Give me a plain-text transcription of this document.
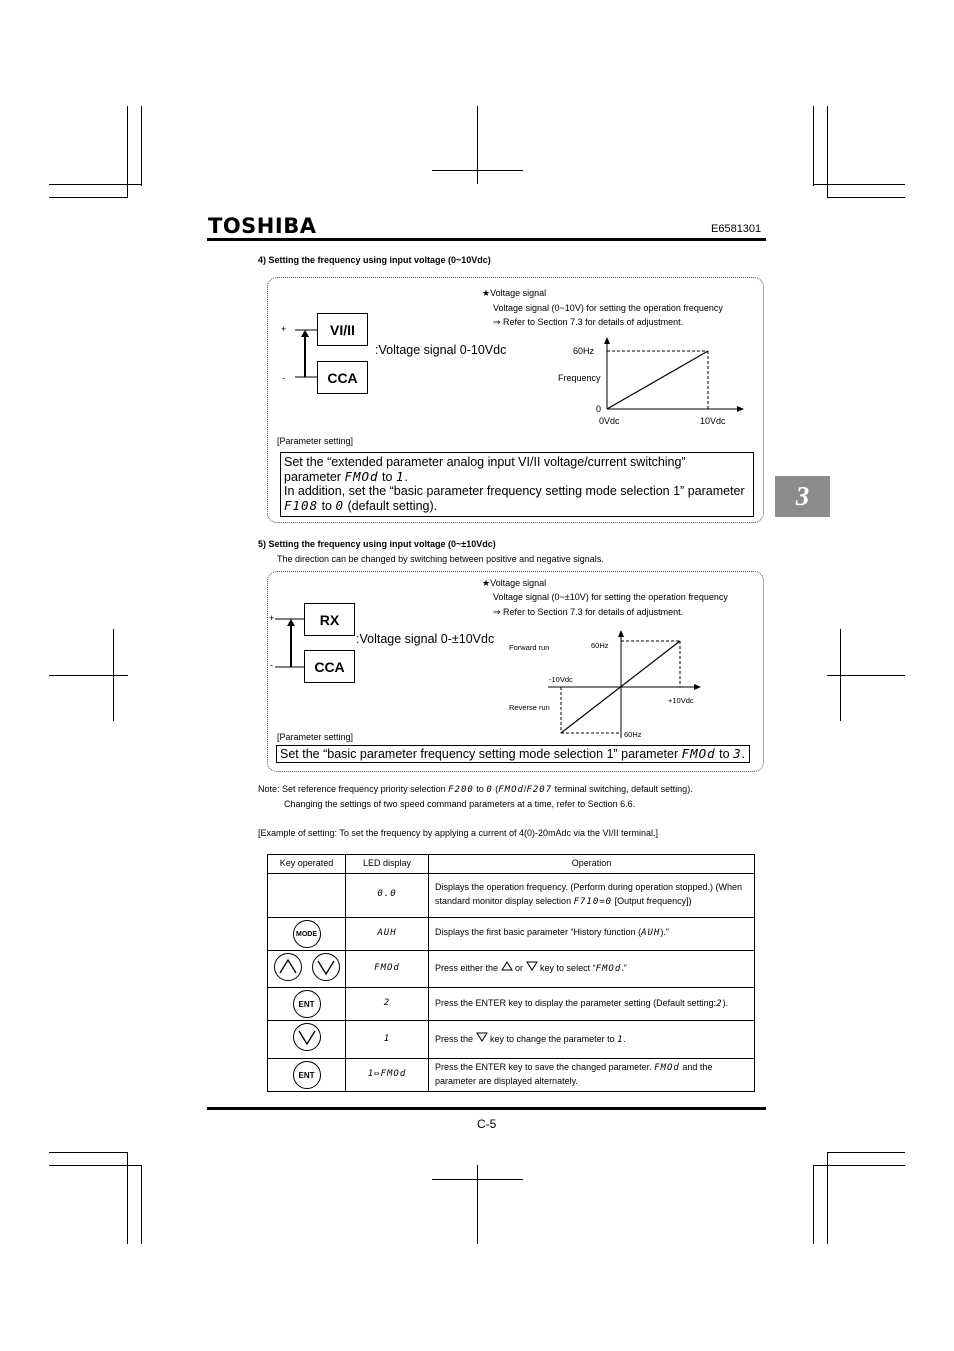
TOSHIBA	E6581301
3
4) Setting the frequency using input voltage (0~10Vdc)
★Voltage signal
Voltage signal (0~10V) for setting the operation frequency
⇒ Refer to Section 7.3 for details of adjustment.
+
-
VI/II
CCA
:Voltage signal 0-10Vdc	60Hz
Frequency
0
0Vdc	10Vdc
[Parameter setting]
Set the “extended parameter analog input VI/II voltage/current switching”
parameter FMOd to 1.
In addition, set the “basic parameter frequency setting mode selection 1” parameter
F108 to 0 (default setting).
5) Setting the frequency using input voltage (0~±10Vdc)
The direction can be changed by switching between positive and negative signals.
★Voltage signal
Voltage signal (0~±10V) for setting the operation frequency
⇒ Refer to Section 7.3 for details of adjustment.
+
-
RX
CCA
:Voltage signal 0-±10Vdc
Forward run	60Hz
-10Vdc
+10Vdc
Reverse run
60Hz
[Parameter setting]
Set the “basic parameter frequency setting mode selection 1” parameter FMOd to 3.
Note: Set reference frequency priority selection F200 to 0 (FMOd/F207 terminal switching, default setting).
Changing the settings of two speed command parameters at a time, refer to Section 6.6.
[Example of setting: To set the frequency by applying a current of 4(0)-20mAdc via the VI/II terminal.]
Key operated	LED display	Operation
	0.0	Displays the operation frequency. (Perform during operation stopped.) (When standard monitor display selection F710=0 [Output frequency])
MODE	AUH	Displays the first basic parameter “History function (AUH).”
	FMOd	Press either the  or  key to select “FMOd.”
ENT	2	Press the ENTER key to display the parameter setting (Default setting:2).
	1	Press the  key to change the parameter to 1.
ENT	1⇔FMOd	Press the ENTER key to save the changed parameter. FMOd and the parameter are displayed alternately.
C-5
